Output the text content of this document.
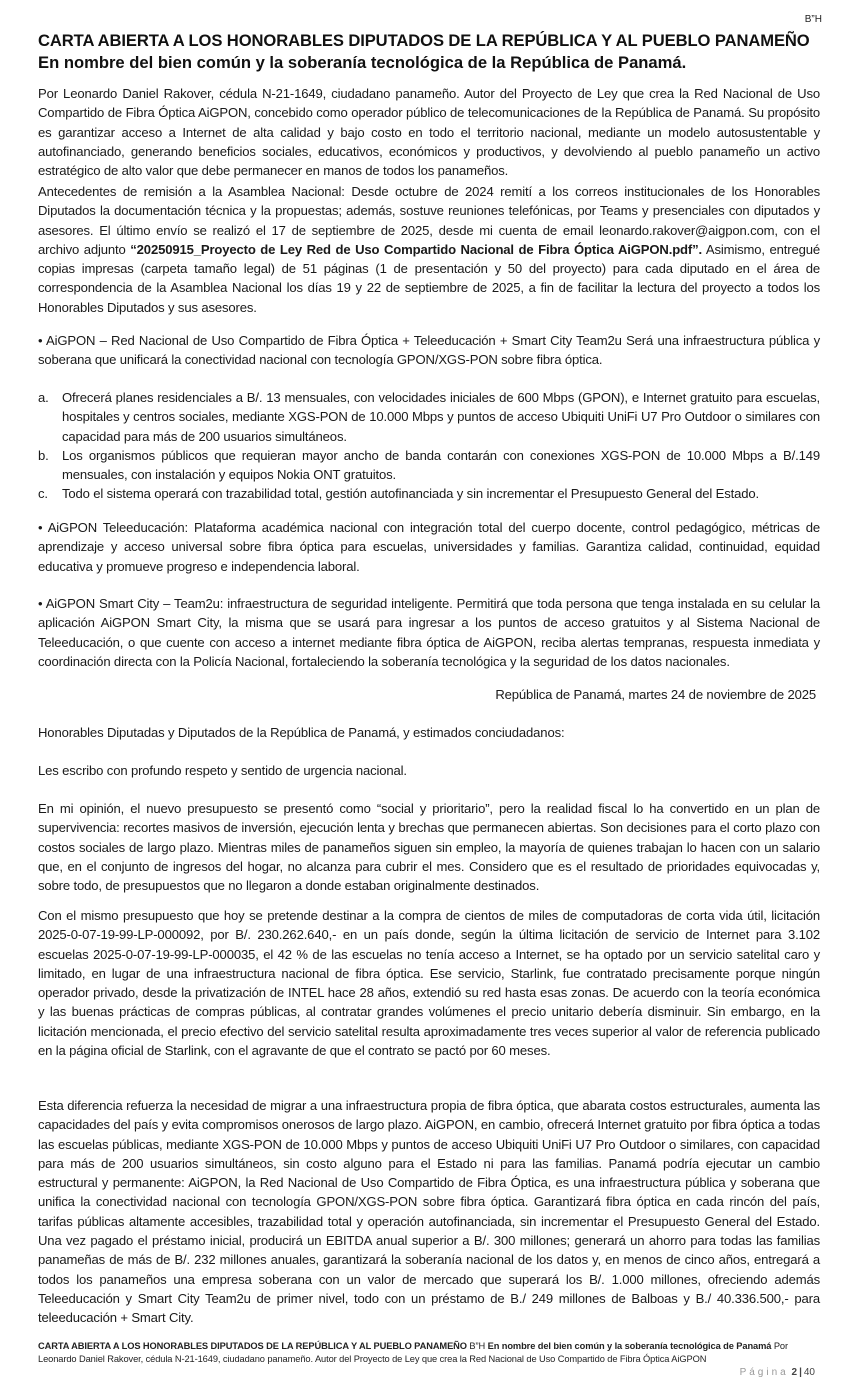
B”H
CARTA ABIERTA A LOS HONORABLES DIPUTADOS DE LA REPÚBLICA Y AL PUEBLO PANAMEÑO
En nombre del bien común y la soberanía tecnológica de la República de Panamá.

Por Leonardo Daniel Rakover, cédula N-21-1649, ciudadano panameño. Autor del Proyecto de Ley que crea la Red Nacional de Uso Compartido de Fibra Óptica AiGPON, concebido como operador público de telecomunicaciones de la República de Panamá. Su propósito es garantizar acceso a Internet de alta calidad y bajo costo en todo el territorio nacional, mediante un modelo autosustentable y autofinanciado, generando beneficios sociales, educativos, económicos y productivos, y devolviendo al pueblo panameño un activo estratégico de alto valor que debe permanecer en manos de todos los panameños.

Antecedentes de remisión a la Asamblea Nacional: Desde octubre de 2024 remití a los correos institucionales de los Honorables Diputados la documentación técnica y la propuestas; además, sostuve reuniones telefónicas, por Teams y presenciales con diputados y asesores. El último envío se realizó el 17 de septiembre de 2025, desde mi cuenta de email leonardo.rakover@aigpon.com, con el archivo adjunto “20250915_Proyecto de Ley Red de Uso Compartido Nacional de Fibra Óptica AiGPON.pdf”. Asimismo, entregué copias impresas (carpeta tamaño legal) de 51 páginas (1 de presentación y 50 del proyecto) para cada diputado en el área de correspondencia de la Asamblea Nacional los días 19 y 22 de septiembre de 2025, a fin de facilitar la lectura del proyecto a todos los Honorables Diputados y sus asesores.

• AiGPON – Red Nacional de Uso Compartido de Fibra Óptica + Teleeducación + Smart City Team2u Será una infraestructura pública y soberana que unificará la conectividad nacional con tecnología GPON/XGS-PON sobre fibra óptica.

a. Ofrecerá planes residenciales a B/. 13 mensuales, con velocidades iniciales de 600 Mbps (GPON), e Internet gratuito para escuelas, hospitales y centros sociales, mediante XGS-PON de 10.000 Mbps y puntos de acceso Ubiquiti UniFi U7 Pro Outdoor o similares con capacidad para más de 200 usuarios simultáneos.
b. Los organismos públicos que requieran mayor ancho de banda contarán con conexiones XGS-PON de 10.000 Mbps a B/.149 mensuales, con instalación y equipos Nokia ONT gratuitos.
c. Todo el sistema operará con trazabilidad total, gestión autofinanciada y sin incrementar el Presupuesto General del Estado.

• AiGPON Teleeducación: Plataforma académica nacional con integración total del cuerpo docente, control pedagógico, métricas de aprendizaje y acceso universal sobre fibra óptica para escuelas, universidades y familias. Garantiza calidad, continuidad, equidad educativa y promueve progreso e independencia laboral.

• AiGPON Smart City – Team2u: infraestructura de seguridad inteligente. Permitirá que toda persona que tenga instalada en su celular la aplicación AiGPON Smart City, la misma que se usará para ingresar a los puntos de acceso gratuitos y al Sistema Nacional de Teleeducación, o que cuente con acceso a internet mediante fibra óptica de AiGPON, reciba alertas tempranas, respuesta inmediata y coordinación directa con la Policía Nacional, fortaleciendo la soberanía tecnológica y la seguridad de los datos nacionales.

República de Panamá, martes 24 de noviembre de 2025

Honorables Diputadas y Diputados de la República de Panamá, y estimados conciudadanos:

Les escribo con profundo respeto y sentido de urgencia nacional.

En mi opinión, el nuevo presupuesto se presentó como “social y prioritario”, pero la realidad fiscal lo ha convertido en un plan de supervivencia: recortes masivos de inversión, ejecución lenta y brechas que permanecen abiertas. Son decisiones para el corto plazo con costos sociales de largo plazo. Mientras miles de panameños siguen sin empleo, la mayoría de quienes trabajan lo hacen con un salario que, en el conjunto de ingresos del hogar, no alcanza para cubrir el mes. Considero que es el resultado de prioridades equivocadas y, sobre todo, de presupuestos que no llegaron a donde estaban originalmente destinados.

Con el mismo presupuesto que hoy se pretende destinar a la compra de cientos de miles de computadoras de corta vida útil, licitación 2025-0-07-19-99-LP-000092, por B/. 230.262.640,- en un país donde, según la última licitación de servicio de Internet para 3.102 escuelas 2025-0-07-19-99-LP-000035, el 42 % de las escuelas no tenía acceso a Internet, se ha optado por un servicio satelital caro y limitado, en lugar de una infraestructura nacional de fibra óptica. Ese servicio, Starlink, fue contratado precisamente porque ningún operador privado, desde la privatización de INTEL hace 28 años, extendió su red hasta esas zonas. De acuerdo con la teoría económica y las buenas prácticas de compras públicas, al contratar grandes volúmenes el precio unitario debería disminuir. Sin embargo, en la licitación mencionada, el precio efectivo del servicio satelital resulta aproximadamente tres veces superior al valor de referencia publicado en la página oficial de Starlink, con el agravante de que el contrato se pactó por 60 meses.

Esta diferencia refuerza la necesidad de migrar a una infraestructura propia de fibra óptica, que abarata costos estructurales, aumenta las capacidades del país y evita compromisos onerosos de largo plazo. AiGPON, en cambio, ofrecerá Internet gratuito por fibra óptica a todas las escuelas públicas, mediante XGS-PON de 10.000 Mbps y puntos de acceso Ubiquiti UniFi U7 Pro Outdoor o similares, con capacidad para más de 200 usuarios simultáneos, sin costo alguno para el Estado ni para las familias. Panamá podría ejecutar un cambio estructural y permanente: AiGPON, la Red Nacional de Uso Compartido de Fibra Óptica, es una infraestructura pública y soberana que unifica la conectividad nacional con tecnología GPON/XGS-PON sobre fibra óptica. Garantizará fibra óptica en cada rincón del país, tarifas públicas altamente accesibles, trazabilidad total y operación autofinanciada, sin incrementar el Presupuesto General del Estado. Una vez pagado el préstamo inicial, producirá un EBITDA anual superior a B/. 300 millones; generará un ahorro para todas las familias panameñas de más de B/. 232 millones anuales, garantizará la soberanía nacional de los datos y, en menos de cinco años, entregará a todos los panameños una empresa soberana con un valor de mercado que superará los B/. 1.000 millones, ofreciendo además Teleeducación y Smart City Team2u de primer nivel, todo con un préstamo de B./ 249 millones de Balboas y B./ 40.336.500,- para teleeducación + Smart City.

CARTA ABIERTA A LOS HONORABLES DIPUTADOS DE LA REPÚBLICA Y AL PUEBLO PANAMEÑO B”H En nombre del bien común y la soberanía tecnológica de Panamá Por Leonardo Daniel Rakover, cédula N-21-1649, ciudadano panameño. Autor del Proyecto de Ley que crea la Red Nacional de Uso Compartido de Fibra Óptica AiGPON
Página 2 | 40
